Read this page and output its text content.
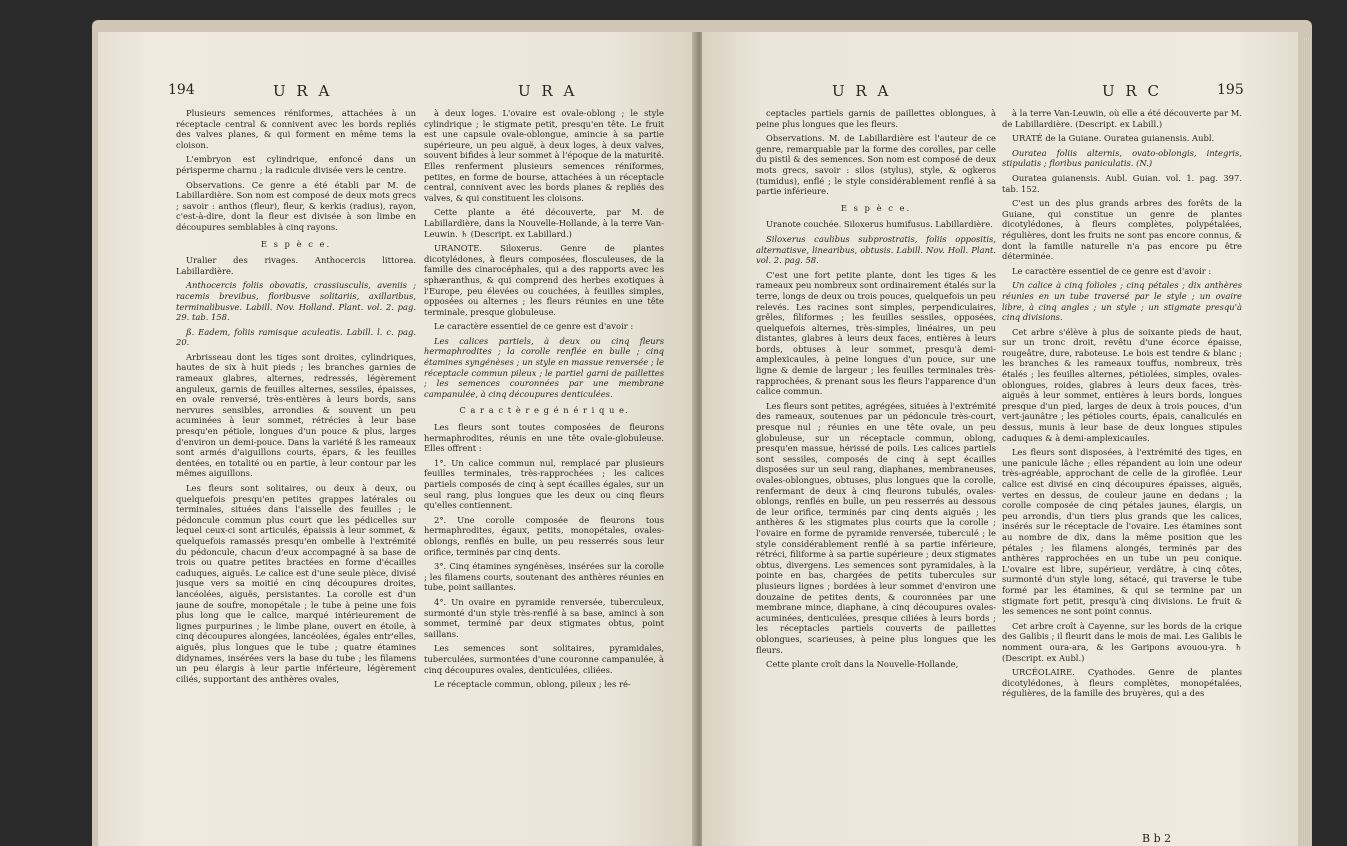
194	U R A	U R A

Plusieurs semences réniformes, attachées à un réceptacle central & connivent avec les bords repliés des valves planes, & qui forment en même tems la cloison.

L'embryon est cylindrique, enfoncé dans un périsperme charnu ; la radicule divisée vers le centre.

Observations. Ce genre a été établi par M. de Labillardière. Son nom est composé de deux mots grecs ; savoir : anthos (fleur), fleur, & kerkis (radius), rayon, c'est-à-dire, dont la fleur est divisée à son limbe en découpures semblables à cinq rayons.

E s p è c e.

Uralier des rivages. Anthocercis littorea. Labillardière.

Anthocercis foliis obovatis, crassiusculis, aveniis ; racemis brevibus, floribusve solitariis, axillaribus, terminalibusve. Labill. Nov. Holland. Plant. vol. 2. pag. 29. tab. 158.

ß. Eadem, foliis ramisque aculeatis. Labill. l. c. pag. 20.

Arbrisseau dont les tiges sont droites, cylindriques, hautes de six à huit pieds ; les branches garnies de rameaux glabres, alternes, redressés, légèrement anguleux, garnis de feuilles alternes, sessiles, épaisses, en ovale renversé, très-entières à leurs bords, sans nervures sensibles, arrondies & souvent un peu acuminées à leur sommet, rétrécies à leur base presqu'en pétiole, longues d'un pouce & plus, larges d'environ un demi-pouce. Dans la variété ß les rameaux sont armés d'aiguillons courts, épars, & les feuilles dentées, en totalité ou en partie, à leur contour par les mêmes aiguillons.

Les fleurs sont solitaires, ou deux à deux, ou quelquefois presqu'en petites grappes latérales ou terminales, situées dans l'aisselle des feuilles ; le pédoncule commun plus court que les pédicelles sur lequel ceux-ci sont articulés, épaissis à leur sommet, & quelquefois ramassés presqu'en ombelle à l'extrémité du pédoncule, chacun d'eux accompagné à sa base de trois ou quatre petites bractées en forme d'écailles caduques, aiguës. Le calice est d'une seule pièce, divisé jusque vers sa moitié en cinq découpures droites, lancéolées, aiguës, persistantes. La corolle est d'un jaune de soufre, monopétale ; le tube à peine une fois plus long que le calice, marqué intérieurement de lignes purpurines ; le limbe plane, ouvert en étoile, à cinq découpures alongées, lancéolées, égales entr'elles, aiguës, plus longues que le tube ; quatre étamines didynames, insérées vers la base du tube ; les filamens un peu élargis à leur partie inférieure, légèrement ciliés, supportant des anthères ovales,

à deux loges. L'ovaire est ovale-oblong ; le style cylindrique ; le stigmate petit, presqu'en tête. Le fruit est une capsule ovale-oblongue, amincie à sa partie supérieure, un peu aiguë, à deux loges, à deux valves, souvent bifides à leur sommet à l'époque de la maturité. Elles renferment plusieurs semences réniformes, petites, en forme de bourse, attachées à un réceptacle central, connivent avec les bords planes & repliés des valves, & qui constituent les cloisons.

Cette plante a été découverte, par M. de Labillardière, dans la Nouvelle-Hollande, à la terre Van-Leuwin. ♄ (Descript. ex Labillard.)

URANOTE. Siloxerus. Genre de plantes dicotylédones, à fleurs composées, flosculeuses, de la famille des cinarocéphales, qui a des rapports avec les sphæranthus, & qui comprend des herbes exotiques à l'Europe, peu élevées ou couchées, à feuilles simples, opposées ou alternes ; les fleurs réunies en une tête terminale, presque globuleuse.

Le caractère essentiel de ce genre est d'avoir :

Les calices partiels, à deux ou cinq fleurs hermaphrodites ; la corolle renflée en bulle ; cinq étamines syngénèses ; un style en massue renversée ; le réceptacle commun pileux ; le partiel garni de paillettes ; les semences couronnées par une membrane campanulée, à cinq découpures denticulées.

C a r a c t è r e g é n é r i q u e.

Les fleurs sont toutes composées de fleurons hermaphrodites, réunis en une tête ovale-globuleuse. Elles offrent :

1°. Un calice commun nul, remplacé par plusieurs feuilles terminales, très-rapprochées ; les calices partiels composés de cinq à sept écailles égales, sur un seul rang, plus longues que les deux ou cinq fleurs qu'elles contiennent.

2°. Une corolle composée de fleurons tous hermaphrodites, égaux, petits, monopétales, ovales-oblongs, renflés en bulle, un peu resserrés sous leur orifice, terminés par cinq dents.

3°. Cinq étamines syngénèses, insérées sur la corolle ; les filamens courts, soutenant des anthères réunies en tube, point saillantes.

4°. Un ovaire en pyramide renversée, tuberculeux, surmonté d'un style très-renflé à sa base, aminci à son sommet, terminé par deux stigmates obtus, point saillans.

Les semences sont solitaires, pyramidales, tuberculées, surmontées d'une couronne campanulée, à cinq découpures ovales, denticulées, ciliées.

Le réceptacle commun, oblong, pileux ; les ré-

U R A	U R C	195

ceptacles partiels garnis de paillettes oblongues, à peine plus longues que les fleurs.

Observations. M. de Labillardière est l'auteur de ce genre, remarquable par la forme des corolles, par celle du pistil & des semences. Son nom est composé de deux mots grecs, savoir : silos (stylus), style, & ogkeros (tumidus), enflé ; le style considérablement renflé à sa partie inférieure.

E s p è c e.

Uranote couchée. Siloxerus humifusus. Labillardière.

Siloxerus caulibus subprostratis, foliis oppositis, alternatisve, linearibus, obtusis. Labill. Nov. Holl. Plant. vol. 2. pag. 58.

C'est une fort petite plante, dont les tiges & les rameaux peu nombreux sont ordinairement étalés sur la terre, longs de deux ou trois pouces, quelquefois un peu relevés. Les racines sont simples, perpendiculaires, grêles, filiformes ; les feuilles sessiles, opposées, quelquefois alternes, très-simples, linéaires, un peu distantes, glabres à leurs deux faces, entières à leurs bords, obtuses à leur sommet, presqu'à demi-amplexicaules, à peine longues d'un pouce, sur une ligne & demie de largeur ; les feuilles terminales très-rapprochées, & prenant sous les fleurs l'apparence d'un calice commun.

Les fleurs sont petites, agrégées, situées à l'extrémité des rameaux, soutenues par un pédoncule très-court, presque nul ; réunies en une tête ovale, un peu globuleuse, sur un réceptacle commun, oblong, presqu'en massue, hérissé de poils. Les calices partiels sont sessiles, composés de cinq à sept écailles disposées sur un seul rang, diaphanes, membraneuses, ovales-oblongues, obtuses, plus longues que la corolle, renfermant de deux à cinq fleurons tubulés, ovales-oblongs, renflés en bulle, un peu resserrés au dessous de leur orifice, terminés par cinq dents aiguës ; les anthères & les stigmates plus courts que la corolle ; l'ovaire en forme de pyramide renversée, tuberculé ; le style considérablement renflé à sa partie inférieure, rétréci, filiforme à sa partie supérieure ; deux stigmates obtus, divergens. Les semences sont pyramidales, à la pointe en bas, chargées de petits tubercules sur plusieurs lignes ; bordées à leur sommet d'environ une douzaine de petites dents, & couronnées par une membrane mince, diaphane, à cinq découpures ovales-acuminées, denticulées, presque ciliées à leurs bords ; les réceptacles partiels couverts de paillettes oblongues, scarieuses, à peine plus longues que les fleurs.

Cette plante croît dans la Nouvelle-Hollande,

à la terre Van-Leuwin, où elle a été découverte par M. de Labillardière. (Descript. ex Labill.)

URATÉ de la Guiane. Ouratea guianensis. Aubl.

Ouratea foliis alternis, ovato-oblongis, integris, stipulatis ; floribus paniculatis. (N.)

Ouratea guianensis. Aubl. Guian. vol. 1. pag. 397. tab. 152.

C'est un des plus grands arbres des forêts de la Guiane, qui constitue un genre de plantes dicotylédones, à fleurs complètes, polypétalées, régulières, dont les fruits ne sont pas encore connus, & dont la famille naturelle n'a pas encore pu être déterminée.

Le caractère essentiel de ce genre est d'avoir :

Un calice à cinq folioles ; cinq pétales ; dix anthères réunies en un tube traversé par le style ; un ovaire libre, à cinq angles ; un style ; un stigmate presqu'à cinq divisions.

Cet arbre s'élève à plus de soixante pieds de haut, sur un tronc droit, revêtu d'une écorce épaisse, rougeâtre, dure, raboteuse. Le bois est tendre & blanc ; les branches & les rameaux touffus, nombreux, très étalés ; les feuilles alternes, pétiolées, simples, ovales-oblongues, roides, glabres à leurs deux faces, très-aiguës à leur sommet, entières à leurs bords, longues presque d'un pied, larges de deux à trois pouces, d'un vert-jaunâtre ; les pétioles courts, épais, canaliculés en dessus, munis à leur base de deux longues stipules caduques & à demi-amplexicaules.

Les fleurs sont disposées, à l'extrémité des tiges, en une panicule lâche ; elles répandent au loin une odeur très-agréable, approchant de celle de la giroflée. Leur calice est divisé en cinq découpures épaisses, aiguës, vertes en dessus, de couleur jaune en dedans ; la corolle composée de cinq pétales jaunes, élargis, un peu arrondis, d'un tiers plus grands que les calices, insérés sur le réceptacle de l'ovaire. Les étamines sont au nombre de dix, dans la même position que les pétales ; les filamens alongés, terminés par des anthères rapprochées en un tube un peu conique. L'ovaire est libre, supérieur, verdâtre, à cinq côtes, surmonté d'un style long, sétacé, qui traverse le tube formé par les étamines, & qui se termine par un stigmate fort petit, presqu'à cinq divisions. Le fruit & les semences ne sont point connus.

Cet arbre croît à Cayenne, sur les bords de la crique des Galibis ; il fleurit dans le mois de mai. Les Galibis le nomment oura-ara, & les Garipons avouou-yra. ♄ (Descript. ex Aubl.)

URCÉOLAIRE. Cyathodes. Genre de plantes dicotylédones, à fleurs complètes, monopétalées, régulières, de la famille des bruyères, qui a des

B b 2
